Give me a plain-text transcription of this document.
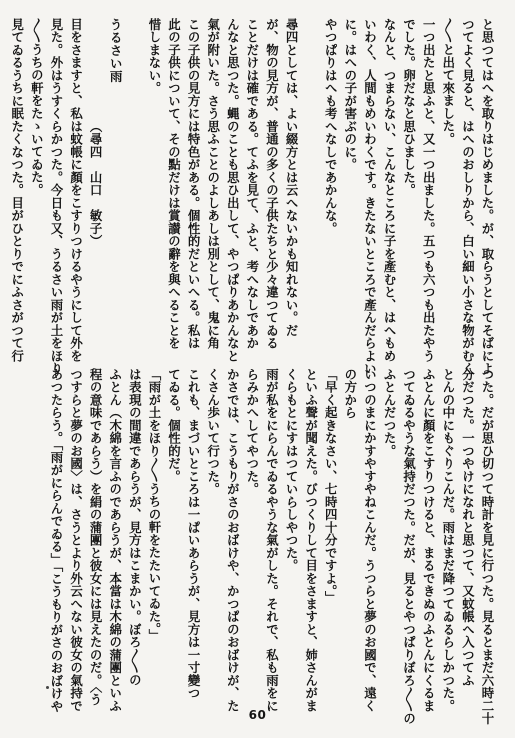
と思つてはへを取りはじめました。が、取らうとしてそばによ
つてよく見ると、はへのおしりから、白い細い小さな物がむく
〳〵と出て來ました。
一つ出たと思ふと、又一つ出ました。五つも六つも出たやう
でした。卵だなと思ひました。
なんと、つまらない、こんなところに子を產むと、はへもめ
いわく、人間もめいわくです。きたないところで產んだらよい
に。はへの子が害ぶのに。
やつぱりはへも考へなしであかんな。
尋四としては、よい綴方とは云へないかも知れない。だ
が、物の見方が、普通の多くの子供たちと少々違つてゐる
ことだけは確である。てふを見て、ふと、考へなしであか
んなと思つた。蝿のことも思ひ出して、やつぱりあかんなと
氣が附いた。さう思ふことのよしあしは別として、鬼に角
この子供の見方には特色がある。個性的だといへる。私は
此の子供について、その點だけは賞讃の辭を與へることを
惜しまない。
うるさい雨
（尋四　山口　敏子）
目をさますと、私は蚊帳に顏をこすりつけるやうにして外を
見た。外はうすくらかつた。今日も又、うるさい雨が土をほり
〳〵うちの軒をたゝいてゐた。
見てゐるうちに眠たくなつた。目がひとりでにふさがつて行
つた。だが思ひ切つて時計を見に行つた。見るとまだ六時二十
分だつた。一つやけになれと思つて、又蚊帳へ入つてふ
とんの中にもぐりこんだ。雨はまだ降つてゐるらしかつた。
ふとんに顏をこすりつけると、まるできぬのふとんにくるま
つてゐるやうな氣持だつた。だが、見るとやつぱりぼろ〳〵の
ふとんだつた。
いつのまにかすやすやねこんだ。うつらと夢のお國で、遠く
の方から
「早く起きなさい、七時四十分ですよ。」
といふ聲が聞えた。びつくりして目をさますと、姉さんがま
くらもとにすはつていらしやつた。
雨が私をにらんでゐるやうな氣がした。それで、私も雨をに
らみかへしてやつた。
かさでは、こうもりがさのおばけや、かつぱのおばけが、た
くさん歩いて行つた。
これも、まづいところは一ぱいあらうが、見方は一寸變つ
てゐる。個性的だ。
「雨が土をほり〳〵うちの軒をたたいてゐた。」
は表現の間違であらうが、見方はこまかい。ぼろ〳〵の
ふとん（木綿を言ふのであらうが、本當は木綿の蒲團といふ
程の意味であらう）を絹の蒲團と彼女には見えたのだ。〈う
つすらと夢のお國〉は、さうとより外云へない彼女の氣持で
あつたらう。「雨がにらんでゐる」「こうもりがさのおばけや
60
